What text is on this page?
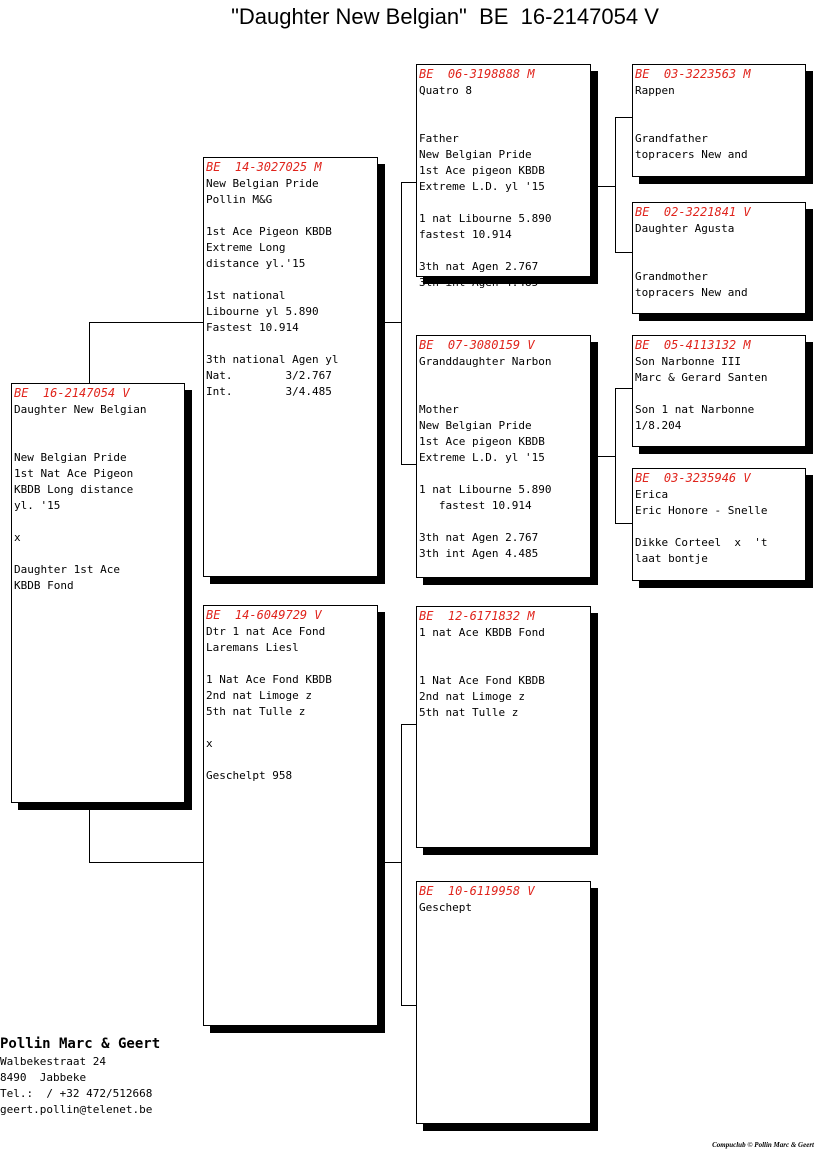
"Daughter New Belgian"  BE  16-2147054 V
BE  16-2147054 V
Daughter New Belgian
New Belgian Pride
1st Nat Ace Pigeon
KBDB Long distance
yl. '15
x
Daughter 1st Ace
KBDB Fond
BE  14-3027025 M
New Belgian Pride
Pollin M&G
1st Ace Pigeon KBDB
Extreme Long
distance yl.'15
1st national
Libourne yl 5.890
Fastest 10.914
3th national Agen yl
Nat.        3/2.767
Int.        3/4.485
BE  14-6049729 V
Dtr 1 nat Ace Fond
Laremans Liesl
1 Nat Ace Fond KBDB
2nd nat Limoge z
5th nat Tulle z
x
Geschelpt 958
BE  06-3198888 M
Quatro 8
Father
New Belgian Pride
1st Ace pigeon KBDB
Extreme L.D. yl '15
1 nat Libourne 5.890
fastest 10.914
3th nat Agen 2.767
3th int Agen 4.485
BE  07-3080159 V
Granddaughter Narbon
Mother
New Belgian Pride
1st Ace pigeon KBDB
Extreme L.D. yl '15
1 nat Libourne 5.890
fastest 10.914
3th nat Agen 2.767
3th int Agen 4.485
BE  12-6171832 M
1 nat Ace KBDB Fond
1 Nat Ace Fond KBDB
2nd nat Limoge z
5th nat Tulle z
BE  10-6119958 V
Geschept
BE  03-3223563 M
Rappen
Grandfather
topracers New and
BE  02-3221841 V
Daughter Agusta
Grandmother
topracers New and
BE  05-4113132 M
Son Narbonne III
Marc & Gerard Santen
Son 1 nat Narbonne
1/8.204
BE  03-3235946 V
Erica
Eric Honore - Snelle
Dikke Corteel  x  't
laat bontje
Pollin Marc & Geert
Walbekestraat 24
8490  Jabbeke
Tel.:  / +32 472/512668
geert.pollin@telenet.be
Compuclub © Pollin Marc & Geert
